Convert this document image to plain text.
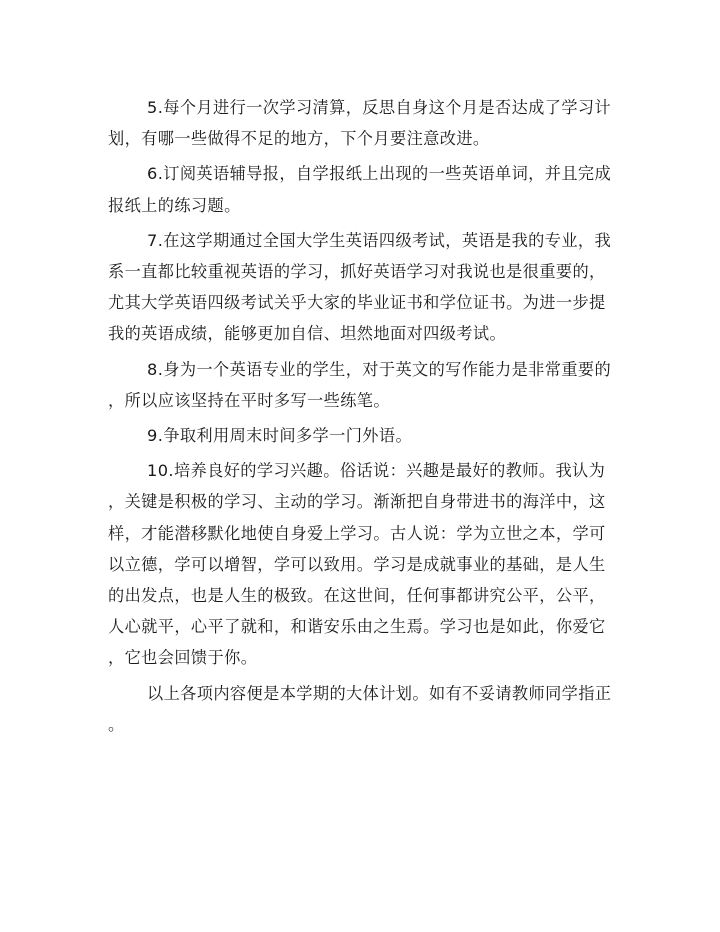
5.每个月进行一次学习清算，反思自身这个月是否达成了学习计
划，有哪一些做得不足的地方，下个月要注意改进。

6.订阅英语辅导报，自学报纸上出现的一些英语单词，并且完成
报纸上的练习题。

7.在这学期通过全国大学生英语四级考试，英语是我的专业，我
系一直都比较重视英语的学习，抓好英语学习对我说也是很重要的，
尤其大学英语四级考试关乎大家的毕业证书和学位证书。为进一步提
我的英语成绩，能够更加自信、坦然地面对四级考试。

8.身为一个英语专业的学生，对于英文的写作能力是非常重要的
，所以应该坚持在平时多写一些练笔。

9.争取利用周末时间多学一门外语。

10.培养良好的学习兴趣。俗话说：兴趣是最好的教师。我认为
，关键是积极的学习、主动的学习。渐渐把自身带进书的海洋中，这
样，才能潜移默化地使自身爱上学习。古人说：学为立世之本，学可
以立德，学可以增智，学可以致用。学习是成就事业的基础，是人生
的出发点，也是人生的极致。在这世间，任何事都讲究公平，公平，
人心就平，心平了就和，和谐安乐由之生焉。学习也是如此，你爱它
，它也会回馈于你。

以上各项内容便是本学期的大体计划。如有不妥请教师同学指正
。
